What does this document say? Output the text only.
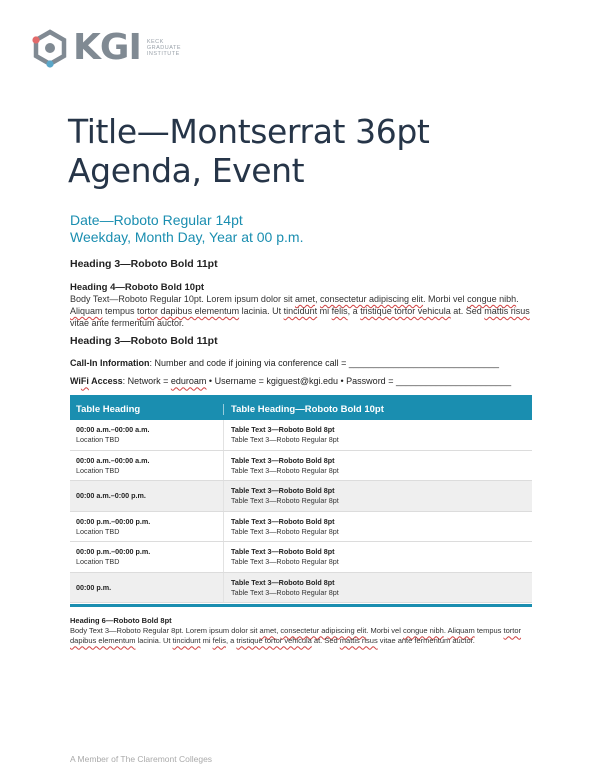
KGI KECK
GRADUATE
INSTITUTE
Title—Montserrat 36pt
Agenda, Event
Date—Roboto Regular 14pt
Weekday, Month Day, Year at 00 p.m.
Heading 3—Roboto Bold 11pt
Heading 4—Roboto Bold 10pt

Body Text—Roboto Regular 10pt. Lorem ipsum dolor sit amet, consectetur adipiscing elit. Morbi vel congue nibh. Aliquam tempus tortor dapibus elementum lacinia. Ut tincidunt mi felis, a tristique tortor vehicula at. Sed mattis risus vitae ante fermentum auctor.

Heading 3—Roboto Bold 11pt
Call-In Information: Number and code if joining via conference call = ______________________________
WiFi Access: Network = eduroam • Username = kgiguest@kgi.edu • Password = _______________________
Table Heading	Table Heading—Roboto Bold 10pt
00:00 a.m.–00:00 a.m.
Location TBD
Table Text 3—Roboto Bold 8pt
Table Text 3—Roboto Regular 8pt
00:00 a.m.–00:00 a.m.
Location TBD
Table Text 3—Roboto Bold 8pt
Table Text 3—Roboto Regular 8pt
00:00 a.m.–0:00 p.m.
Table Text 3—Roboto Bold 8pt
Table Text 3—Roboto Regular 8pt
00:00 p.m.–00:00 p.m.
Location TBD
Table Text 3—Roboto Bold 8pt
Table Text 3—Roboto Regular 8pt
00:00 p.m.–00:00 p.m.
Location TBD
Table Text 3—Roboto Bold 8pt
Table Text 3—Roboto Regular 8pt
00:00 p.m.
Table Text 3—Roboto Bold 8pt
Table Text 3—Roboto Regular 8pt
Heading 6—Roboto Bold 8pt

Body Text 3—Roboto Regular 8pt. Lorem ipsum dolor sit amet, consectetur adipiscing elit. Morbi vel congue nibh. Aliquam tempus tortor dapibus elementum lacinia. Ut tincidunt mi felis, a tristique tortor vehicula at. Sed mattis risus vitae ante fermentum auctor.

A Member of The Claremont Colleges
